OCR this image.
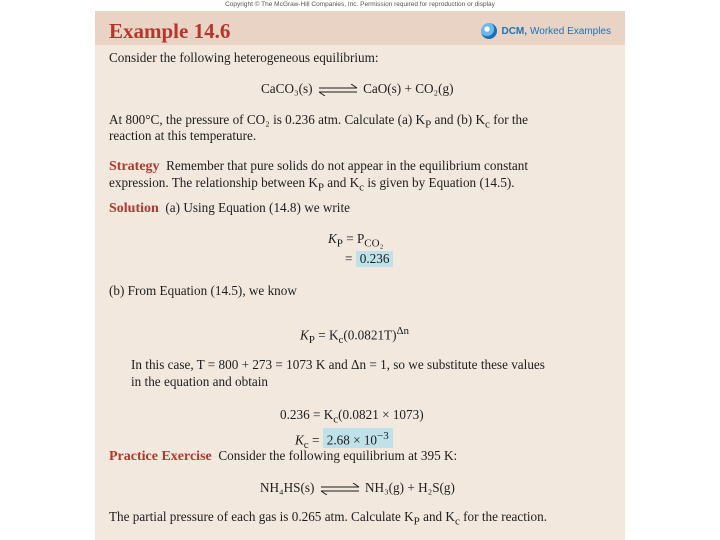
Copyright © The McGraw-Hill Companies, Inc. Permission required for reproduction or display
Example 14.6	DCM, Worked Examples
Consider the following heterogeneous equilibrium:
CaCO₃(s) ⇌ CaO(s) + CO₂(g)
At 800°C, the pressure of CO₂ is 0.236 atm. Calculate (a) $K_P$ and (b) $K_c$ for the
reaction at this temperature.
Strategy Remember that pure solids do not appear in the equilibrium constant
expression. The relationship between $K_P$ and $K_c$ is given by Equation (14.5).
Solution (a) Using Equation (14.8) we write
$K_P = P_{CO_2}$
= 0.236
(b) From Equation (14.5), we know
$K_P = K_c(0.0821T)^{\Delta n}$
In this case, T = 800 + 273 = 1073 K and Δn = 1, so we substitute these values
in the equation and obtain
$0.236 = K_c(0.0821 \times 1073)$
$K_c = 2.68 \times 10^{-3}$
Practice Exercise Consider the following equilibrium at 395 K:
NH₄HS(s) ⇌ NH₃(g) + H₂S(g)
The partial pressure of each gas is 0.265 atm. Calculate $K_P$ and $K_c$ for the reaction.
